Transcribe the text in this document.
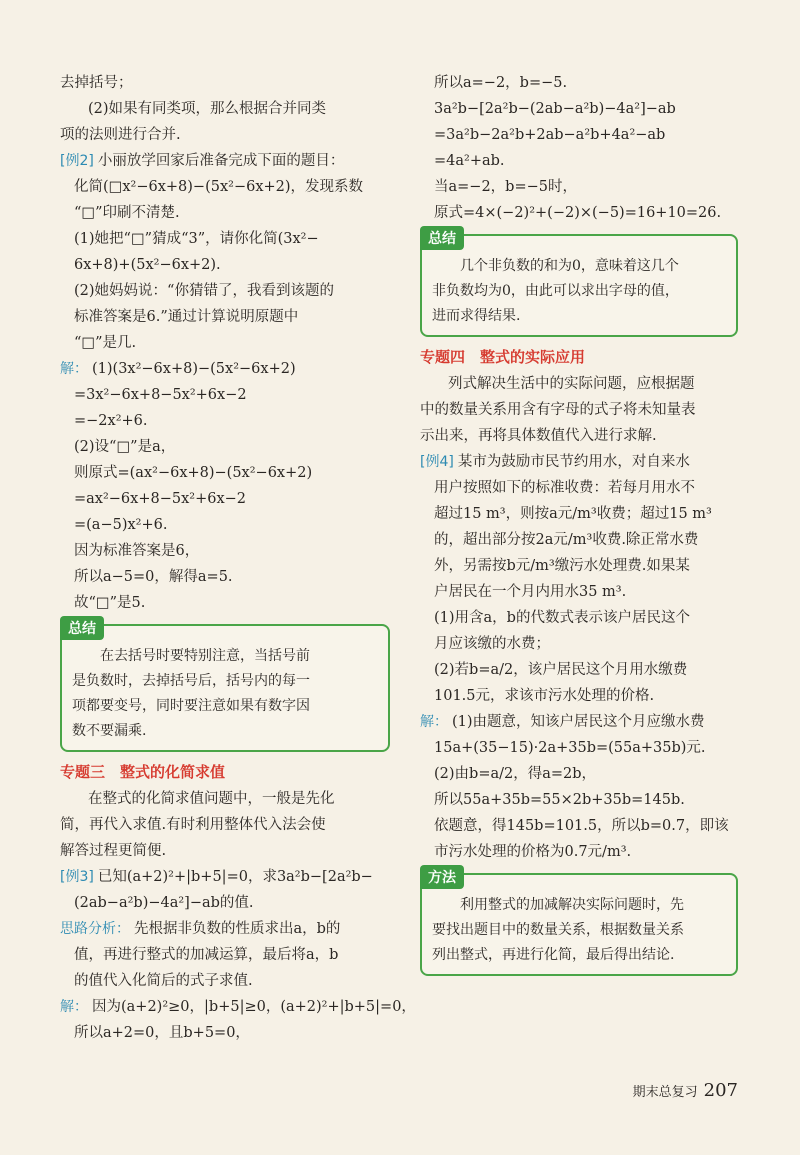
去掉括号；
(2)如果有同类项，那么根据合并同类
项的法则进行合并.
[例2] 小丽放学回家后准备完成下面的题目：
化简(□x²−6x+8)−(5x²−6x+2)，发现系数
“□”印刷不清楚.
(1)她把“□”猜成“3”，请你化简(3x²−
6x+8)+(5x²−6x+2).
(2)她妈妈说：“你猜错了，我看到该题的
标准答案是6.”通过计算说明原题中
“□”是几.
解： (1)(3x²−6x+8)−(5x²−6x+2)
=3x²−6x+8−5x²+6x−2
=−2x²+6.
(2)设“□”是a，
则原式=(ax²−6x+8)−(5x²−6x+2)
=ax²−6x+8−5x²+6x−2
=(a−5)x²+6.
因为标准答案是6，
所以a−5=0，解得a=5.
故“□”是5.
总结
在去括号时要特别注意，当括号前
是负数时，去掉括号后，括号内的每一
项都要变号，同时要注意如果有数字因
数不要漏乘.
专题三　整式的化简求值
在整式的化简求值问题中，一般是先化
简，再代入求值.有时利用整体代入法会使
解答过程更简便.
[例3] 已知(a+2)²+|b+5|=0，求3a²b−[2a²b−
(2ab−a²b)−4a²]−ab的值.
思路分析： 先根据非负数的性质求出a，b的
值，再进行整式的加减运算，最后将a，b
的值代入化简后的式子求值.
解： 因为(a+2)²≥0，|b+5|≥0，(a+2)²+|b+5|=0，
所以a+2=0，且b+5=0，
所以a=−2，b=−5.
3a²b−[2a²b−(2ab−a²b)−4a²]−ab
=3a²b−2a²b+2ab−a²b+4a²−ab
=4a²+ab.
当a=−2，b=−5时，
原式=4×(−2)²+(−2)×(−5)=16+10=26.
总结
几个非负数的和为0，意味着这几个
非负数均为0，由此可以求出字母的值，
进而求得结果.
专题四　整式的实际应用
列式解决生活中的实际问题，应根据题
中的数量关系用含有字母的式子将未知量表
示出来，再将具体数值代入进行求解.
[例4] 某市为鼓励市民节约用水，对自来水
用户按照如下的标准收费：若每月用水不
超过15 m³，则按a元/m³收费；超过15 m³
的，超出部分按2a元/m³收费.除正常水费
外，另需按b元/m³缴污水处理费.如果某
户居民在一个月内用水35 m³.
(1)用含a，b的代数式表示该户居民这个
月应该缴的水费；
(2)若b=a/2，该户居民这个月用水缴费
101.5元，求该市污水处理的价格.
解： (1)由题意，知该户居民这个月应缴水费
15a+(35−15)·2a+35b=(55a+35b)元.
(2)由b=a/2，得a=2b，
所以55a+35b=55×2b+35b=145b.
依题意，得145b=101.5，所以b=0.7，即该
市污水处理的价格为0.7元/m³.
方法
利用整式的加减解决实际问题时，先
要找出题目中的数量关系，根据数量关系
列出整式，再进行化简，最后得出结论.
期末总复习 207
